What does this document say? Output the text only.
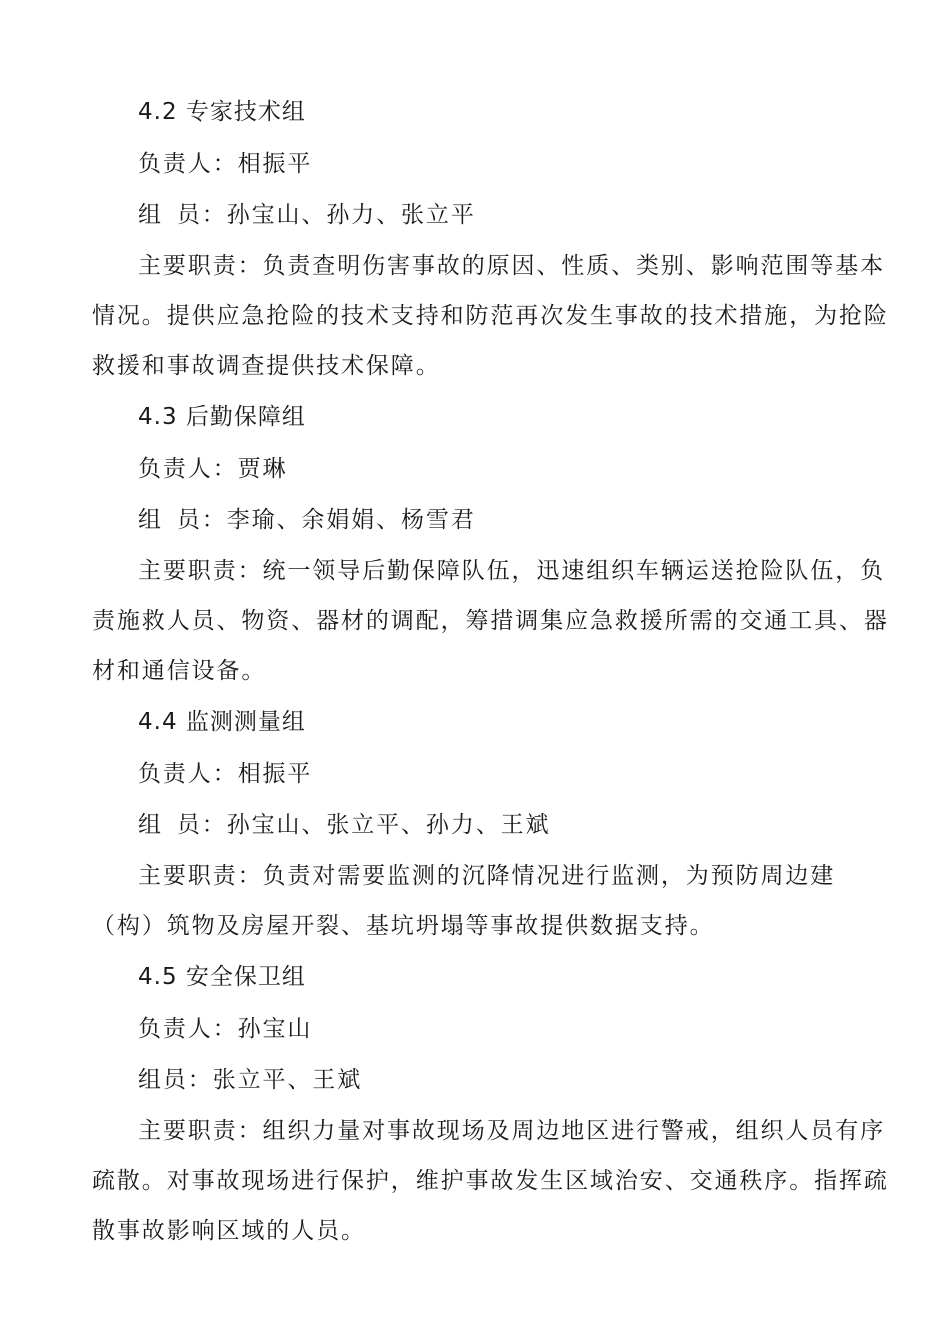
4.2 专家技术组
负责人：相振平
组 员：孙宝山、孙力、张立平
主要职责：负责查明伤害事故的原因、性质、类别、影响范围等基本
情况。提供应急抢险的技术支持和防范再次发生事故的技术措施，为抢险
救援和事故调查提供技术保障。
4.3 后勤保障组
负责人：贾琳
组 员：李瑜、余娟娟、杨雪君
主要职责：统一领导后勤保障队伍，迅速组织车辆运送抢险队伍，负
责施救人员、物资、器材的调配，筹措调集应急救援所需的交通工具、器
材和通信设备。
4.4 监测测量组
负责人：相振平
组 员：孙宝山、张立平、孙力、王斌
主要职责：负责对需要监测的沉降情况进行监测，为预防周边建
（构）筑物及房屋开裂、基坑坍塌等事故提供数据支持。
4.5 安全保卫组
负责人：孙宝山
组员：张立平、王斌
主要职责：组织力量对事故现场及周边地区进行警戒，组织人员有序
疏散。对事故现场进行保护，维护事故发生区域治安、交通秩序。指挥疏
散事故影响区域的人员。
